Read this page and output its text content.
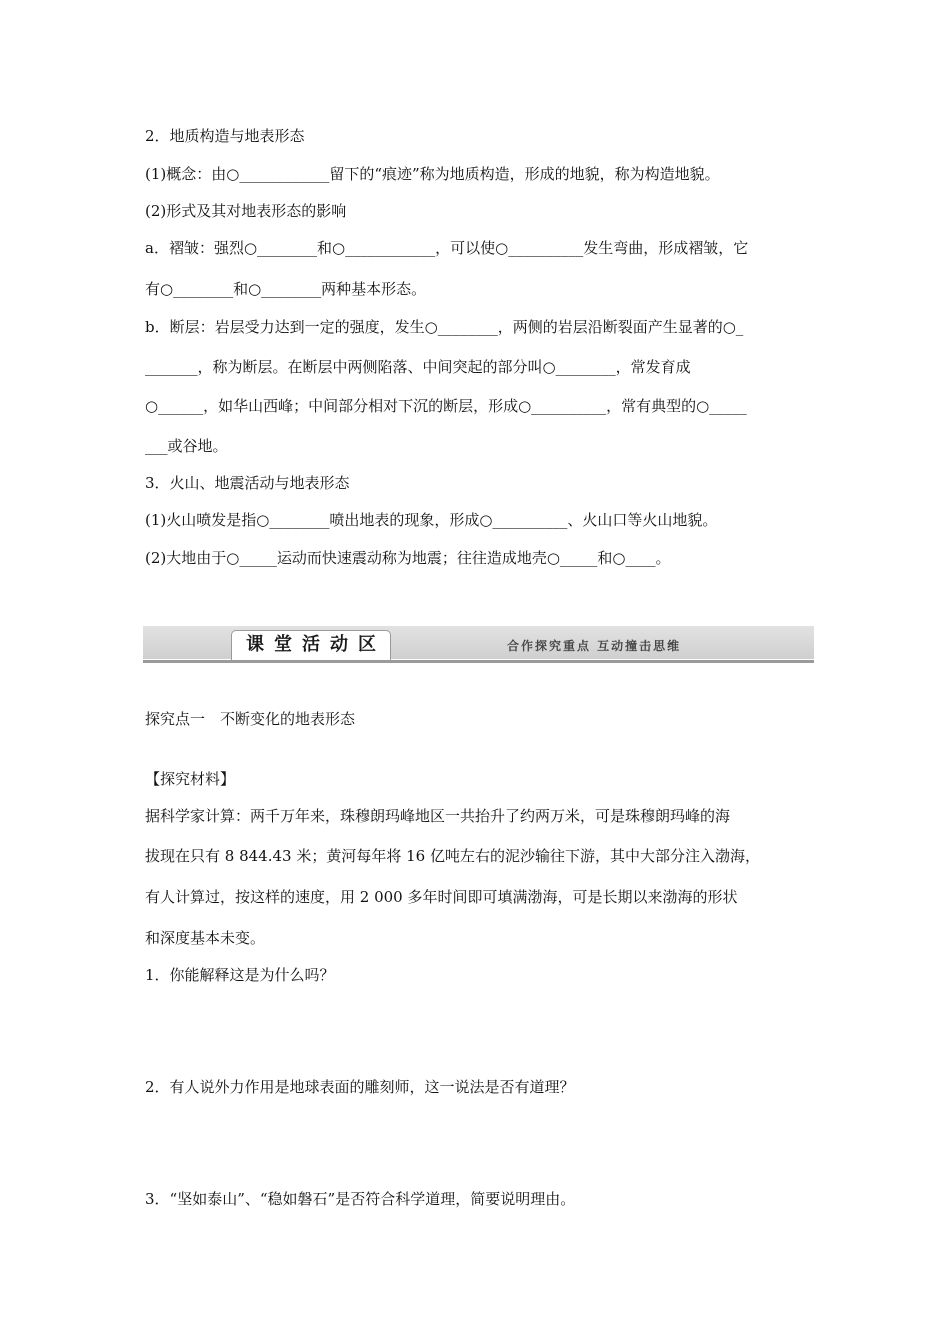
2．地质构造与地表形态
(1)概念：由○____________留下的“痕迹”称为地质构造，形成的地貌，称为构造地貌。
(2)形式及其对地表形态的影响
a．褶皱：强烈○________和○____________，可以使○__________发生弯曲，形成褶皱，它
有○________和○________两种基本形态。
b．断层：岩层受力达到一定的强度，发生○________，两侧的岩层沿断裂面产生显著的○_
_______，称为断层。在断层中两侧陷落、中间突起的部分叫○________，常发育成
○______，如华山西峰；中间部分相对下沉的断层，形成○__________，常有典型的○_____
___或谷地。
3．火山、地震活动与地表形态
(1)火山喷发是指○________喷出地表的现象，形成○__________、火山口等火山地貌。
(2)大地由于○_____运动而快速震动称为地震；往往造成地壳○_____和○____。
课堂活动区	合作探究重点 互动撞击思维
探究点一　不断变化的地表形态
【探究材料】
据科学家计算：两千万年来，珠穆朗玛峰地区一共抬升了约两万米，可是珠穆朗玛峰的海
拔现在只有 8 844.43 米；黄河每年将 16 亿吨左右的泥沙输往下游，其中大部分注入渤海，
有人计算过，按这样的速度，用 2 000 多年时间即可填满渤海，可是长期以来渤海的形状
和深度基本未变。
1．你能解释这是为什么吗？
2．有人说外力作用是地球表面的雕刻师，这一说法是否有道理？
3．“坚如泰山”、“稳如磐石”是否符合科学道理，简要说明理由。
